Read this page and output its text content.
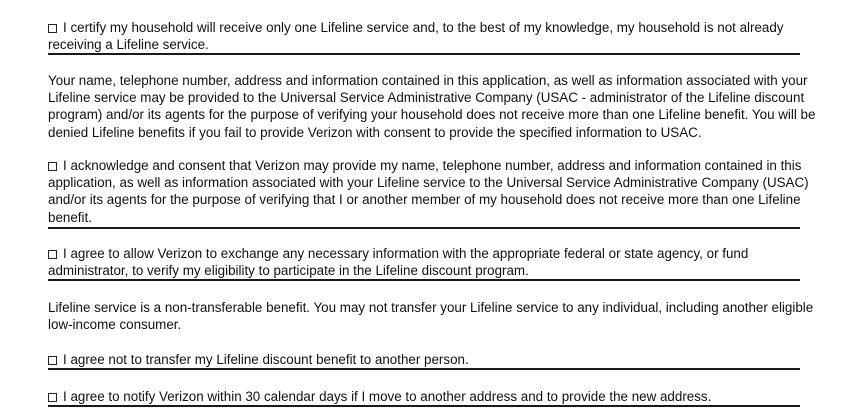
I certify my household will receive only one Lifeline service and, to the best of my knowledge, my household is not already
receiving a Lifeline service.
Your name, telephone number, address and information contained in this application, as well as information associated with your
Lifeline service may be provided to the Universal Service Administrative Company (USAC - administrator of the Lifeline discount
program) and/or its agents for the purpose of verifying your household does not receive more than one Lifeline benefit. You will be
denied Lifeline benefits if you fail to provide Verizon with consent to provide the specified information to USAC.
I acknowledge and consent that Verizon may provide my name, telephone number, address and information contained in this
application, as well as information associated with your Lifeline service to the Universal Service Administrative Company (USAC)
and/or its agents for the purpose of verifying that I or another member of my household does not receive more than one Lifeline
benefit.
I agree to allow Verizon to exchange any necessary information with the appropriate federal or state agency, or fund
administrator, to verify my eligibility to participate in the Lifeline discount program.
Lifeline service is a non-transferable benefit. You may not transfer your Lifeline service to any individual, including another eligible
low-income consumer.
I agree not to transfer my Lifeline discount benefit to another person.
I agree to notify Verizon within 30 calendar days if I move to another address and to provide the new address.
